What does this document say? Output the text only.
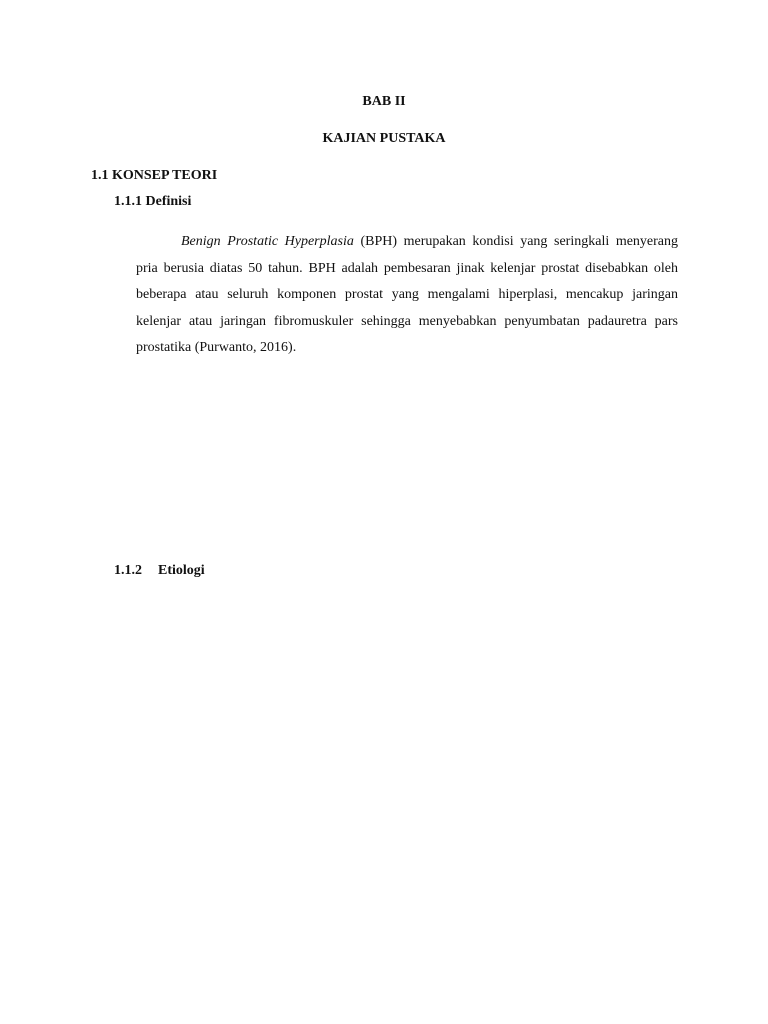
BAB II
KAJIAN PUSTAKA
1.1 KONSEP TEORI
1.1.1 Definisi

Benign Prostatic Hyperplasia (BPH) merupakan kondisi yang seringkali menyerang pria berusia diatas 50 tahun. BPH adalah pembesaran jinak kelenjar prostat disebabkan oleh beberapa atau seluruh komponen prostat yang mengalami hiperplasi, mencakup jaringan kelenjar atau jaringan fibromuskuler sehingga menyebabkan penyumbatan padauretra pars prostatika (Purwanto, 2016).

1.1.2 Etiologi
